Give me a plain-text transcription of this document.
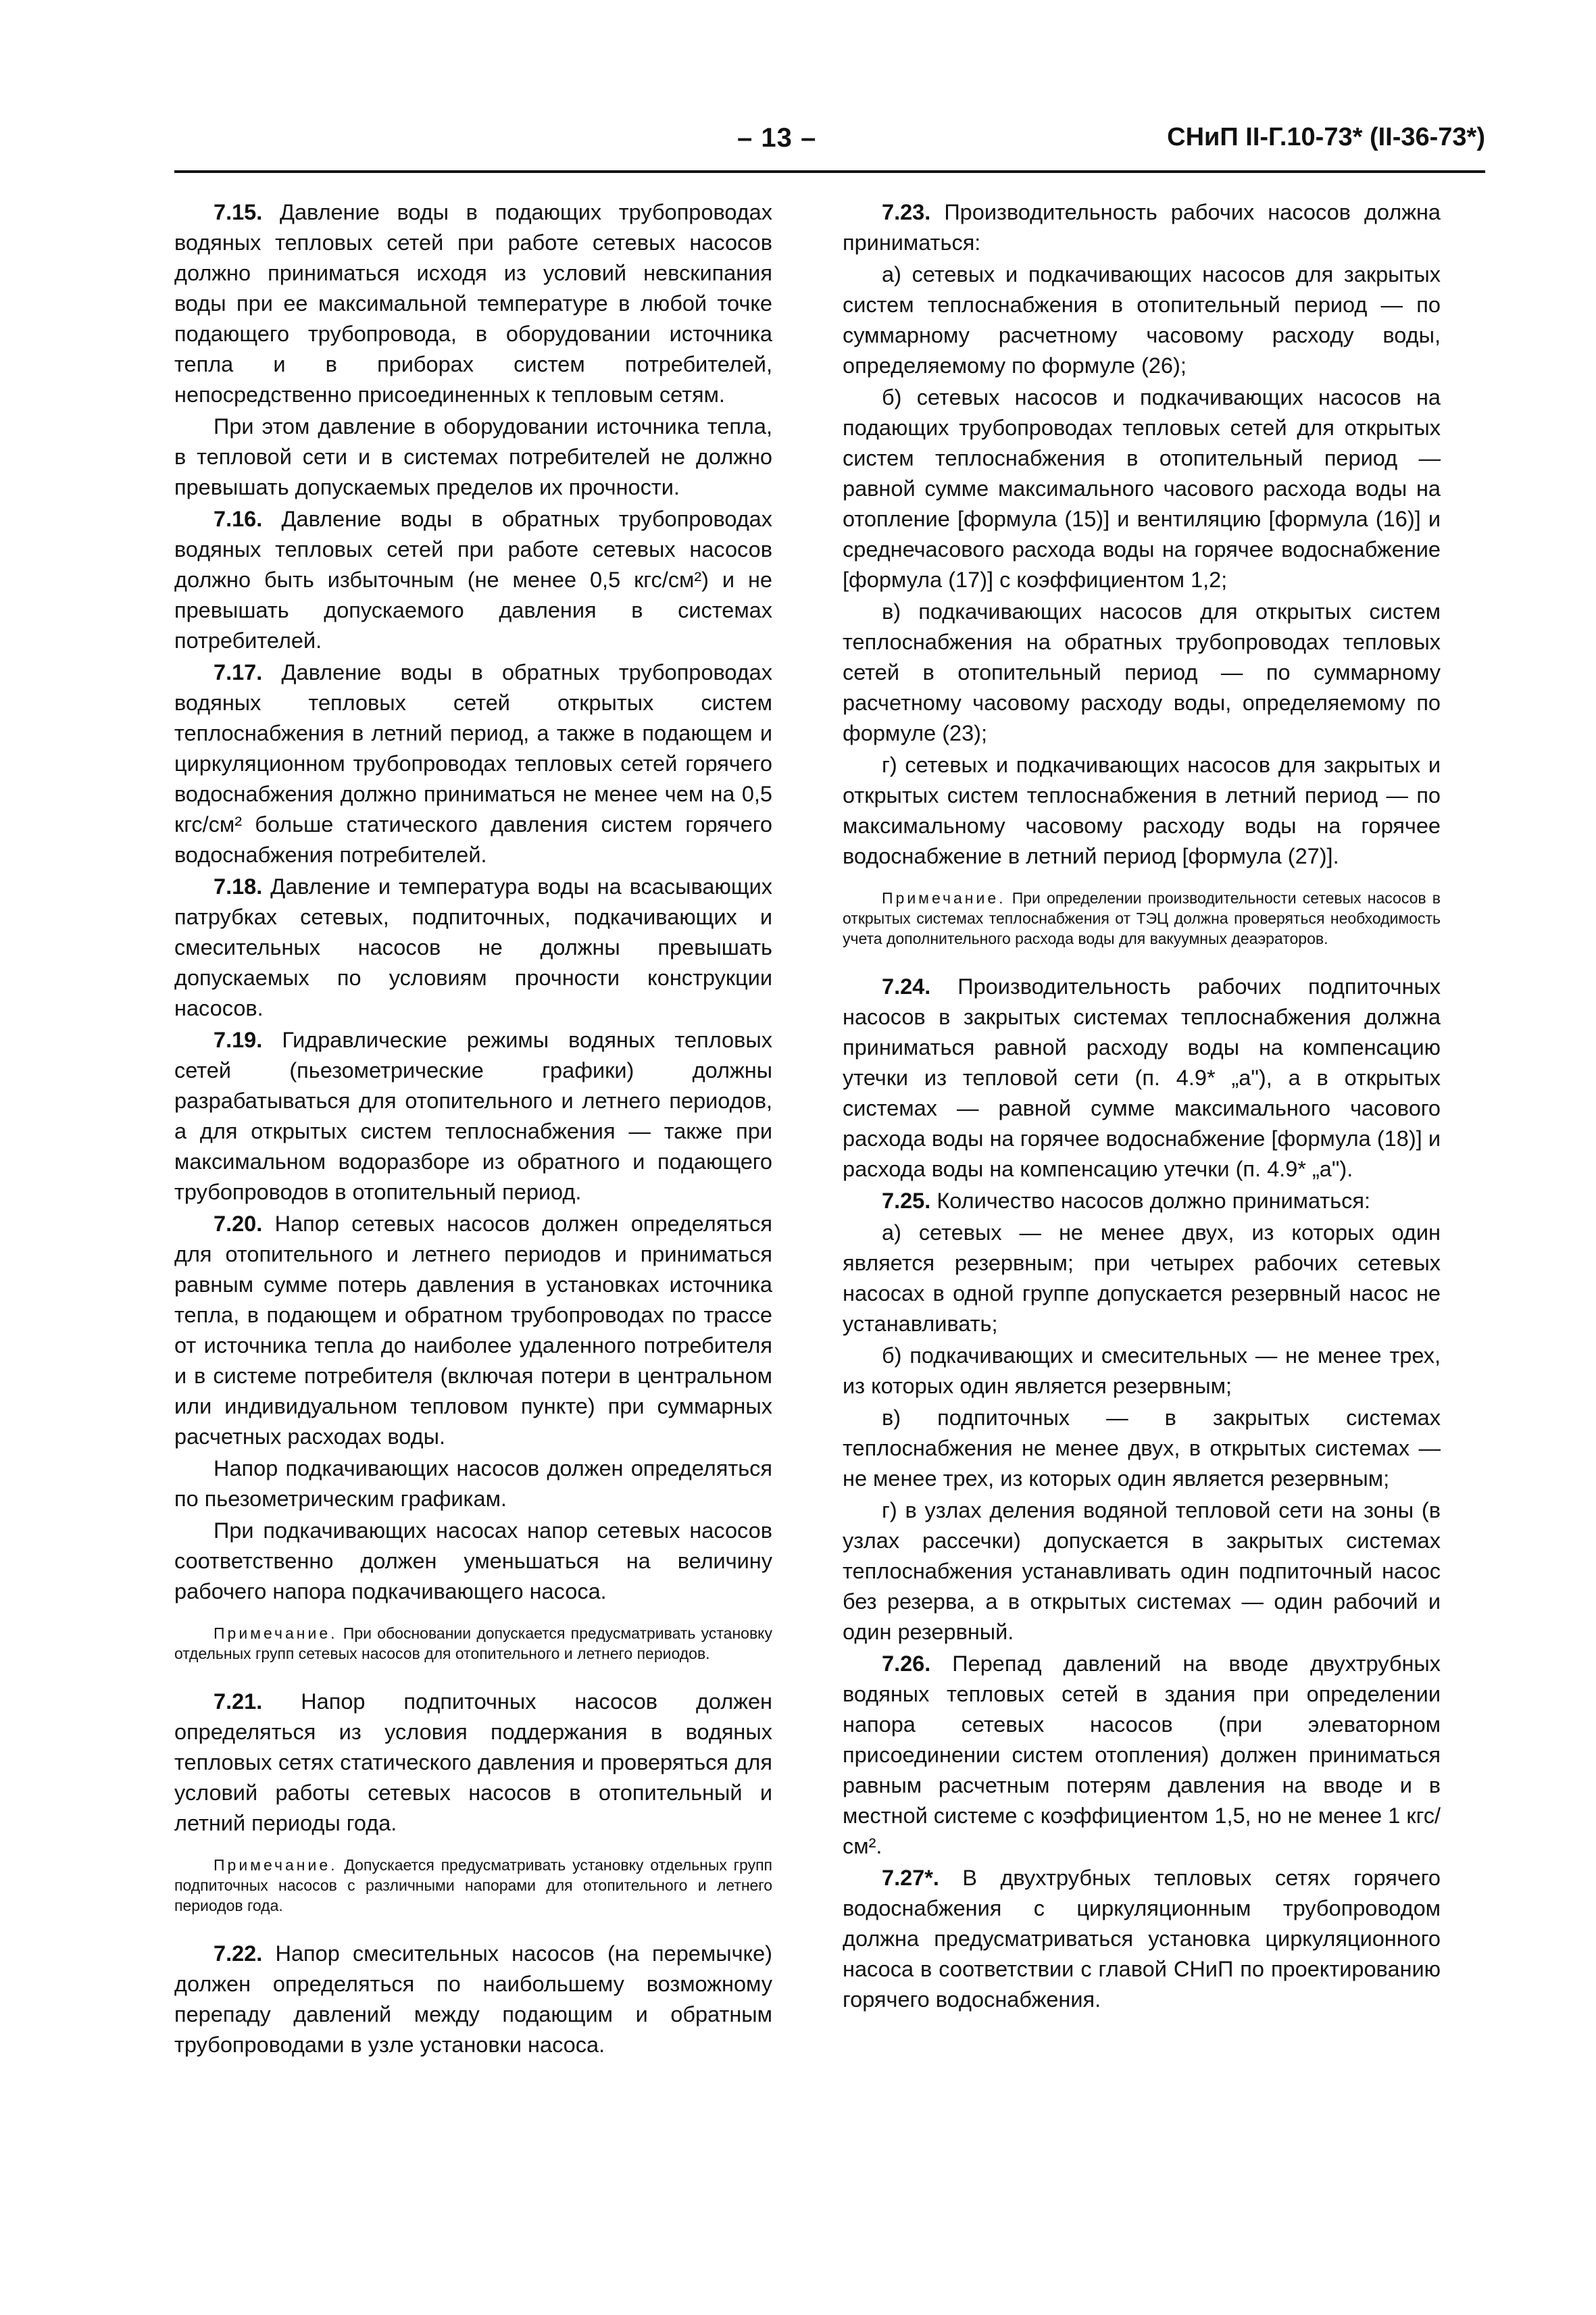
– 13 –	СНиП II-Г.10-73* (II-36-73*)

7.15. Давление воды в подающих трубопроводах водяных тепловых сетей при работе сетевых насосов должно приниматься исходя из условий невскипания воды при ее максимальной температуре в любой точке подающего трубопровода, в оборудовании источника тепла и в приборах систем потребителей, непосредственно присоединенных к тепловым сетям.

При этом давление в оборудовании источника тепла, в тепловой сети и в системах потребителей не должно превышать допускаемых пределов их прочности.

7.16. Давление воды в обратных трубопроводах водяных тепловых сетей при работе сетевых насосов должно быть избыточным (не менее 0,5 кгс/см²) и не превышать допускаемого давления в системах потребителей.

7.17. Давление воды в обратных трубопроводах водяных тепловых сетей открытых систем теплоснабжения в летний период, а также в подающем и циркуляционном трубопроводах тепловых сетей горячего водоснабжения должно приниматься не менее чем на 0,5 кгс/см² больше статического давления систем горячего водоснабжения потребителей.

7.18. Давление и температура воды на всасывающих патрубках сетевых, подпиточных, подкачивающих и смесительных насосов не должны превышать допускаемых по условиям прочности конструкции насосов.

7.19. Гидравлические режимы водяных тепловых сетей (пьезометрические графики) должны разрабатываться для отопительного и летнего периодов, а для открытых систем теплоснабжения — также при максимальном водоразборе из обратного и подающего трубопроводов в отопительный период.

7.20. Напор сетевых насосов должен определяться для отопительного и летнего периодов и приниматься равным сумме потерь давления в установках источника тепла, в подающем и обратном трубопроводах по трассе от источника тепла до наиболее удаленного потребителя и в системе потребителя (включая потери в центральном или индивидуальном тепловом пункте) при суммарных расчетных расходах воды.

Напор подкачивающих насосов должен определяться по пьезометрическим графикам.

При подкачивающих насосах напор сетевых насосов соответственно должен уменьшаться на величину рабочего напора подкачивающего насоса.

Примечание. При обосновании допускается предусматривать установку отдельных групп сетевых насосов для отопительного и летнего периодов.

7.21. Напор подпиточных насосов должен определяться из условия поддержания в водяных тепловых сетях статического давления и проверяться для условий работы сетевых насосов в отопительный и летний периоды года.

Примечание. Допускается предусматривать установку отдельных групп подпиточных насосов с различными напорами для отопительного и летнего периодов года.

7.22. Напор смесительных насосов (на перемычке) должен определяться по наибольшему возможному перепаду давлений между подающим и обратным трубопроводами в узле установки насоса.

7.23. Производительность рабочих насосов должна приниматься:

а) сетевых и подкачивающих насосов для закрытых систем теплоснабжения в отопительный период — по суммарному расчетному часовому расходу воды, определяемому по формуле (26);

б) сетевых насосов и подкачивающих насосов на подающих трубопроводах тепловых сетей для открытых систем теплоснабжения в отопительный период — равной сумме максимального часового расхода воды на отопление [формула (15)] и вентиляцию [формула (16)] и среднечасового расхода воды на горячее водоснабжение [формула (17)] с коэффициентом 1,2;

в) подкачивающих насосов для открытых систем теплоснабжения на обратных трубопроводах тепловых сетей в отопительный период — по суммарному расчетному часовому расходу воды, определяемому по формуле (23);

г) сетевых и подкачивающих насосов для закрытых и открытых систем теплоснабжения в летний период — по максимальному часовому расходу воды на горячее водоснабжение в летний период [формула (27)].

Примечание. При определении производительности сетевых насосов в открытых системах теплоснабжения от ТЭЦ должна проверяться необходимость учета дополнительного расхода воды для вакуумных деаэраторов.

7.24. Производительность рабочих подпиточных насосов в закрытых системах теплоснабжения должна приниматься равной расходу воды на компенсацию утечки из тепловой сети (п. 4.9* „а"), а в открытых системах — равной сумме максимального часового расхода воды на горячее водоснабжение [формула (18)] и расхода воды на компенсацию утечки (п. 4.9* „а").

7.25. Количество насосов должно приниматься:

а) сетевых — не менее двух, из которых один является резервным; при четырех рабочих сетевых насосах в одной группе допускается резервный насос не устанавливать;

б) подкачивающих и смесительных — не менее трех, из которых один является резервным;

в) подпиточных — в закрытых системах теплоснабжения не менее двух, в открытых системах — не менее трех, из которых один является резервным;

г) в узлах деления водяной тепловой сети на зоны (в узлах рассечки) допускается в закрытых системах теплоснабжения устанавливать один подпиточный насос без резерва, а в открытых системах — один рабочий и один резервный.

7.26. Перепад давлений на вводе двухтрубных водяных тепловых сетей в здания при определении напора сетевых насосов (при элеваторном присоединении систем отопления) должен приниматься равным расчетным потерям давления на вводе и в местной системе с коэффициентом 1,5, но не менее 1 кгс/см².

7.27*. В двухтрубных тепловых сетях горячего водоснабжения с циркуляционным трубопроводом должна предусматриваться установка циркуляционного насоса в соответствии с главой СНиП по проектированию горячего водоснабжения.
